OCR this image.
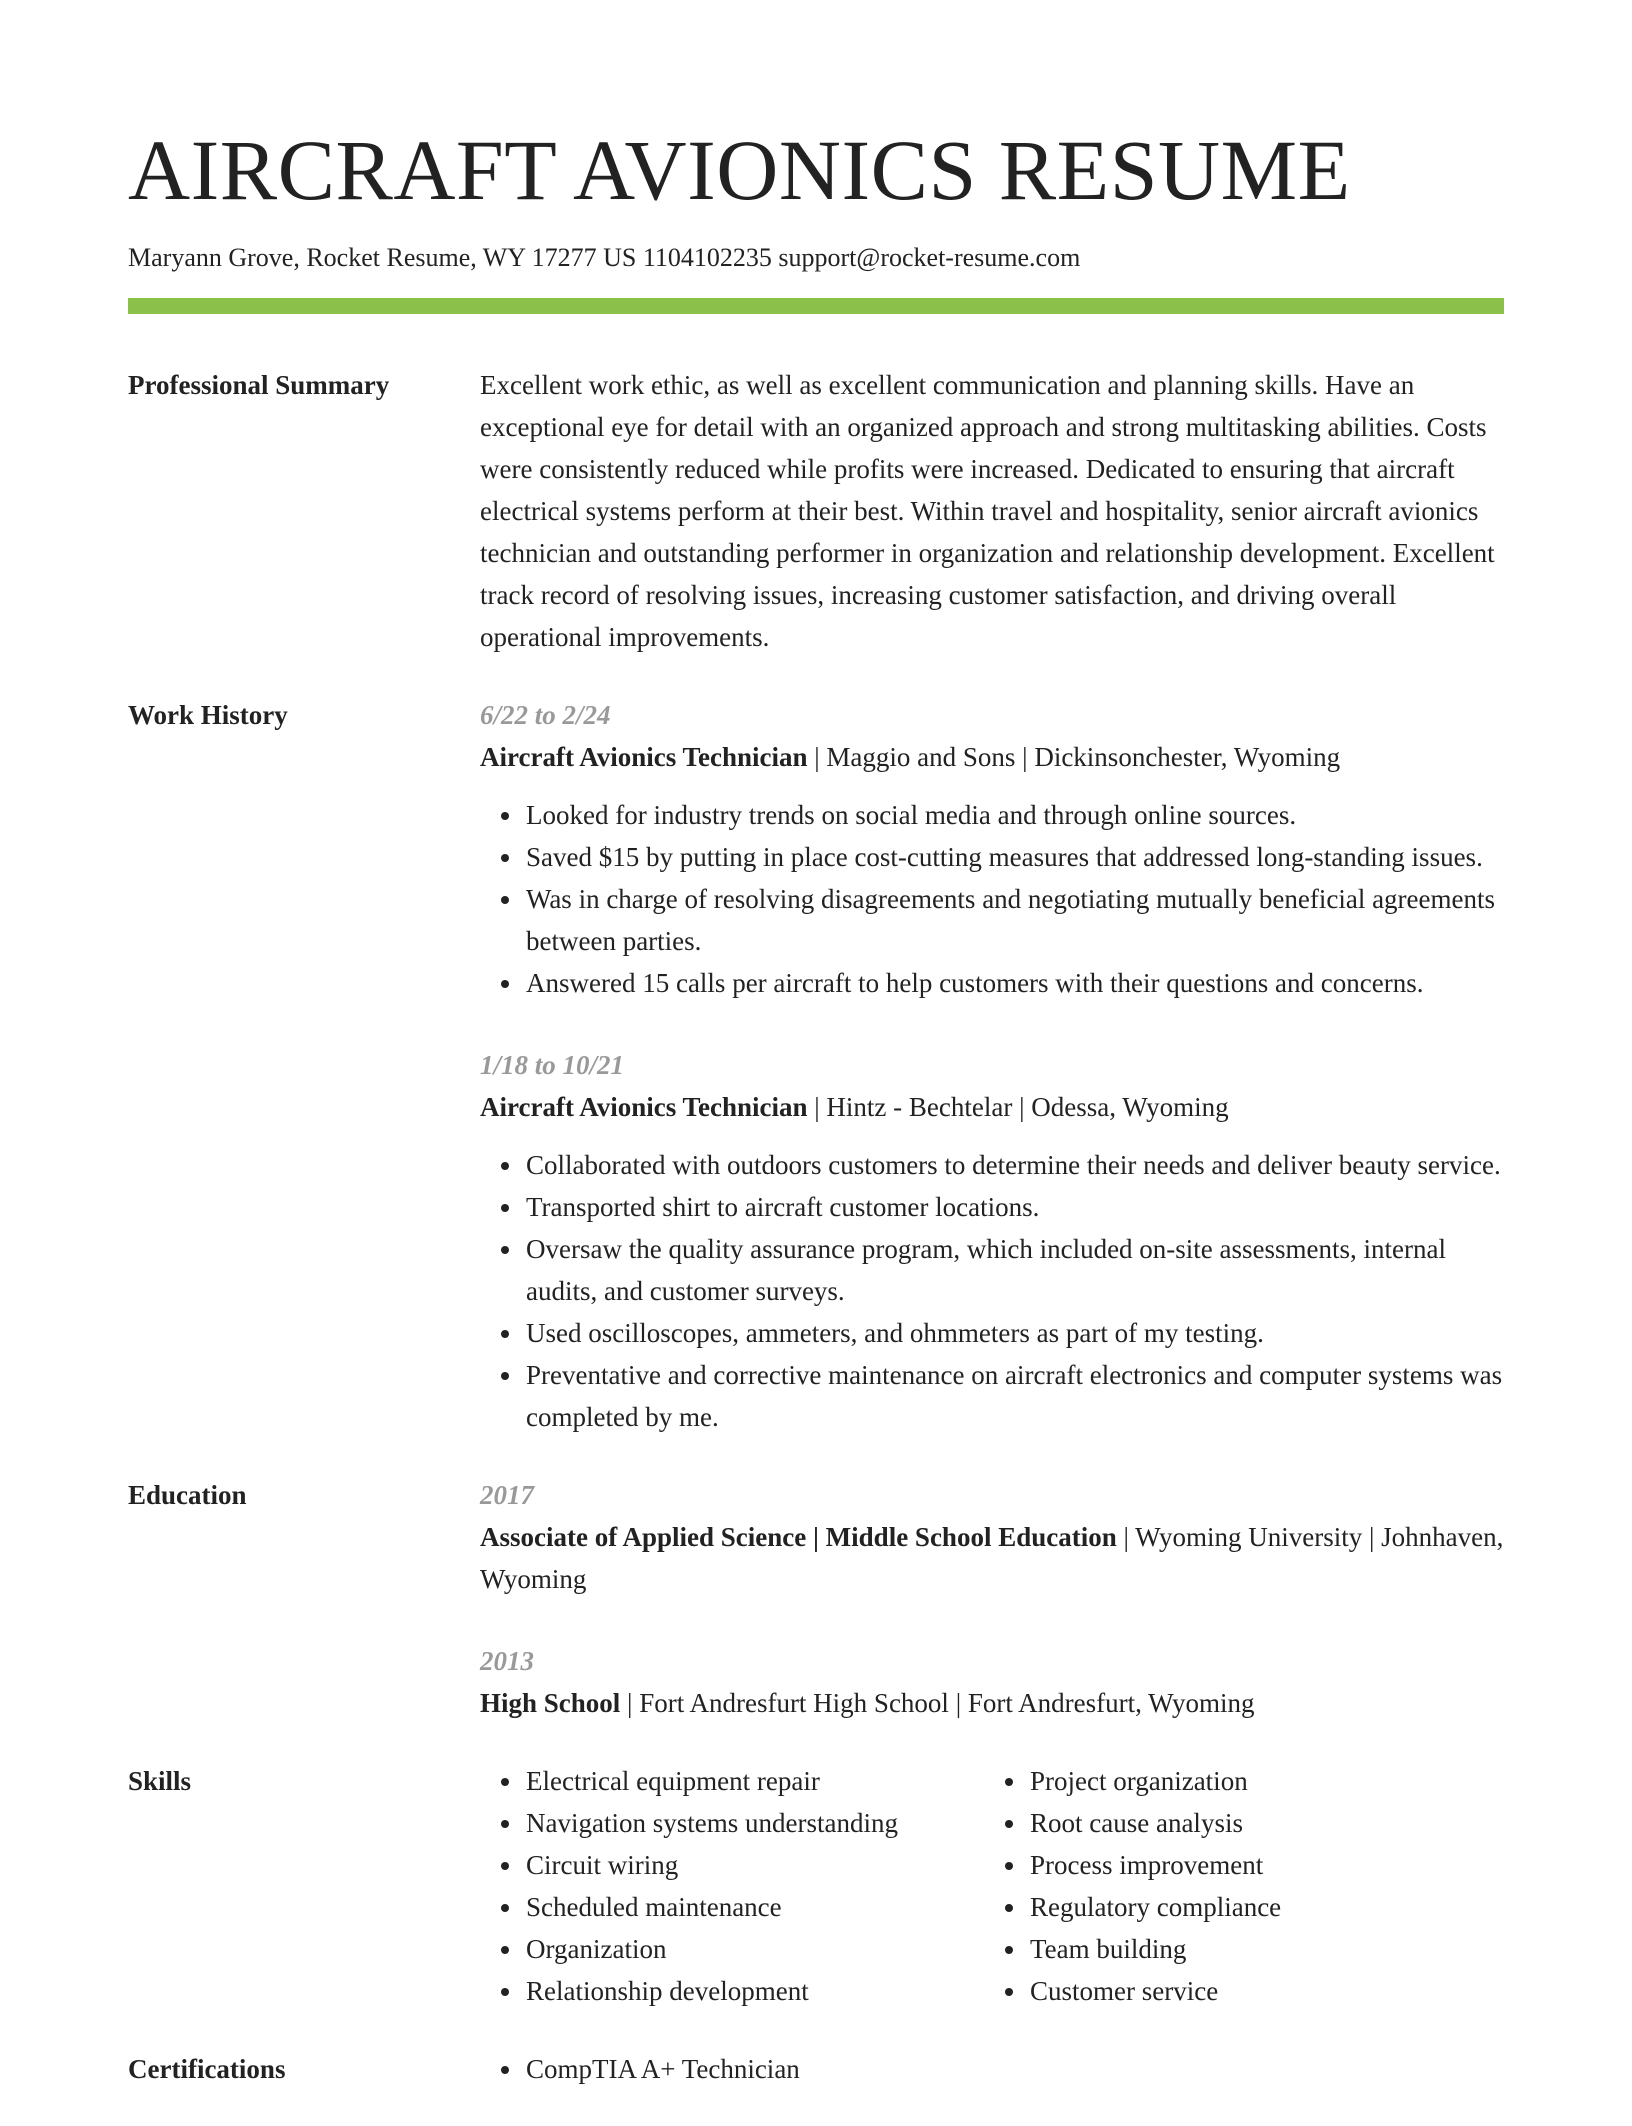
AIRCRAFT AVIONICS RESUME
Maryann Grove, Rocket Resume, WY 17277 US 1104102235 support@rocket-resume.com
Professional Summary	Excellent work ethic, as well as excellent communication and planning skills. Have an exceptional eye for detail with an organized approach and strong multitasking abilities. Costs were consistently reduced while profits were increased. Dedicated to ensuring that aircraft electrical systems perform at their best. Within travel and hospitality, senior aircraft avionics technician and outstanding performer in organization and relationship development. Excellent track record of resolving issues, increasing customer satisfaction, and driving overall operational improvements.

Work History	6/22 to 2/24
Aircraft Avionics Technician | Maggio and Sons | Dickinsonchester, Wyoming
• Looked for industry trends on social media and through online sources.
• Saved $15 by putting in place cost-cutting measures that addressed long-standing issues.
• Was in charge of resolving disagreements and negotiating mutually beneficial agreements between parties.
• Answered 15 calls per aircraft to help customers with their questions and concerns.
1/18 to 10/21
Aircraft Avionics Technician | Hintz - Bechtelar | Odessa, Wyoming
• Collaborated with outdoors customers to determine their needs and deliver beauty service.
• Transported shirt to aircraft customer locations.
• Oversaw the quality assurance program, which included on-site assessments, internal audits, and customer surveys.
• Used oscilloscopes, ammeters, and ohmmeters as part of my testing.
• Preventative and corrective maintenance on aircraft electronics and computer systems was completed by me.
Education	2017
Associate of Applied Science | Middle School Education | Wyoming University | Johnhaven, Wyoming
2013
High School | Fort Andresfurt High School | Fort Andresfurt, Wyoming
Skills	• Electrical equipment repair
• Navigation systems understanding
• Circuit wiring
• Scheduled maintenance
• Organization
• Relationship development
• Project organization
• Root cause analysis
• Process improvement
• Regulatory compliance
• Team building
• Customer service
Certifications	• CompTIA A+ Technician
